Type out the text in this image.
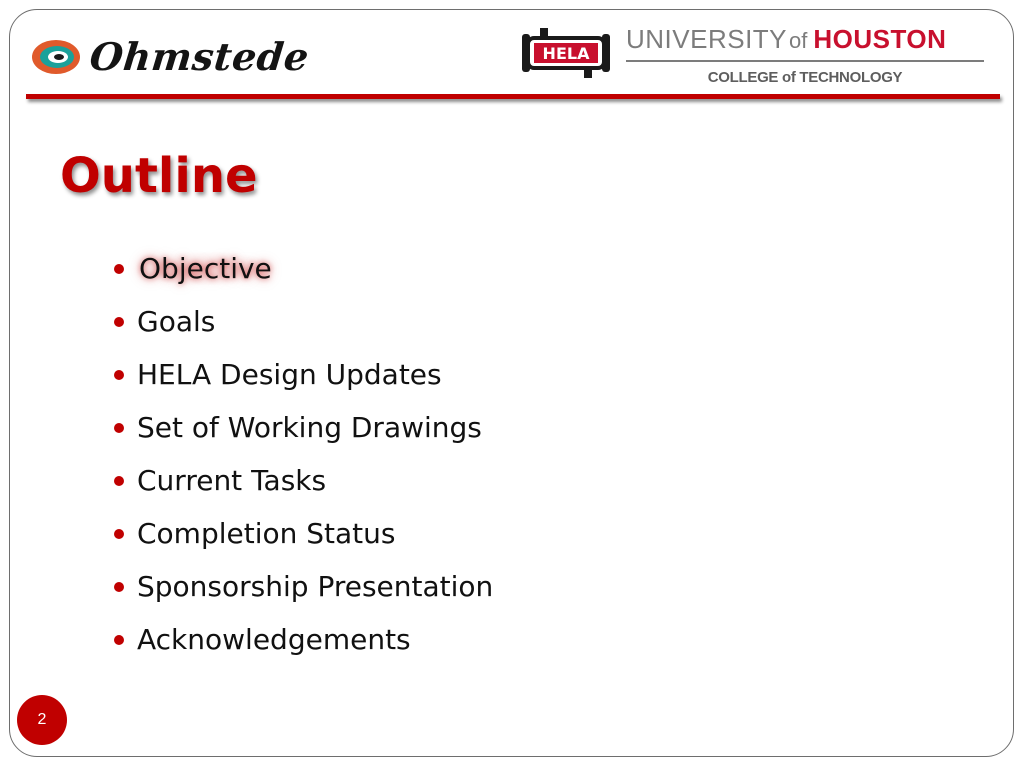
Ohmstede	HELA UNIVERSITY of HOUSTON
COLLEGE of TECHNOLOGY
Outline
Objective
Goals
HELA Design Updates
Set of Working Drawings
Current Tasks
Completion Status
Sponsorship Presentation
Acknowledgements
2
